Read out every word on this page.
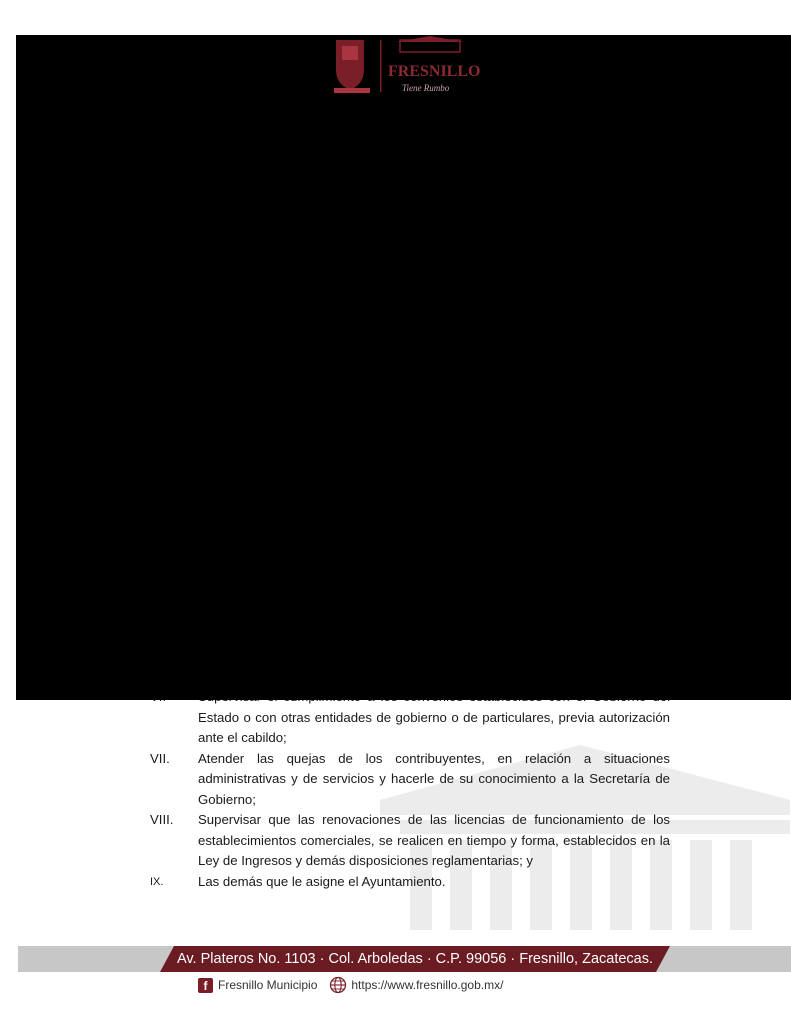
Estado o con otras entidades de gobierno o de particulares, previa autorización ante el cabildo;
VII.	Atender las quejas de los contribuyentes, en relación a situaciones administrativas y de servicios y hacerle de su conocimiento a la Secretaría de Gobierno;
VIII.	Supervisar que las renovaciones de las licencias de funcionamiento de los establecimientos comerciales, se realicen en tiempo y forma, establecidos en la Ley de Ingresos y demás disposiciones reglamentarias; y
IX.	Las demás que le asigne el Ayuntamiento.
FRESNILLO
Tiene Rumbo
Av. Plateros No. 1103 · Col. Arboledas · C.P. 99056 · Fresnillo, Zacatecas.
f Fresnillo Municipio	https://www.fresnillo.gob.mx/
